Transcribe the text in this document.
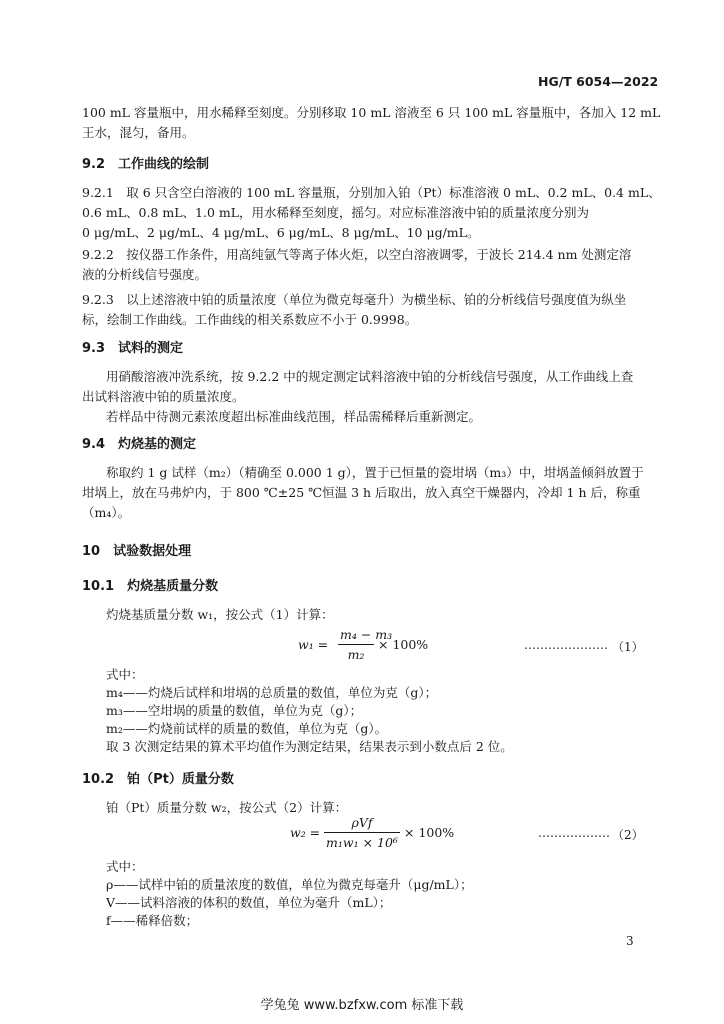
HG/T 6054—2022
100 mL 容量瓶中，用水稀释至刻度。分别移取 10 mL 溶液至 6 只 100 mL 容量瓶中，各加入 12 mL
王水，混匀，备用。
9.2　工作曲线的绘制
9.2.1　取 6 只含空白溶液的 100 mL 容量瓶，分别加入铂（Pt）标准溶液 0 mL、0.2 mL、0.4 mL、
0.6 mL、0.8 mL、1.0 mL，用水稀释至刻度，摇匀。对应标准溶液中铂的质量浓度分别为
0 μg/mL、2 μg/mL、4 μg/mL、6 μg/mL、8 μg/mL、10 μg/mL。
9.2.2　按仪器工作条件，用高纯氩气等离子体火炬，以空白溶液调零，于波长 214.4 nm 处测定溶
液的分析线信号强度。
9.2.3　以上述溶液中铂的质量浓度（单位为微克每毫升）为横坐标、铂的分析线信号强度值为纵坐
标，绘制工作曲线。工作曲线的相关系数应不小于 0.9998。
9.3　试料的测定
用硝酸溶液冲洗系统，按 9.2.2 中的规定测定试料溶液中铂的分析线信号强度，从工作曲线上查
出试料溶液中铂的质量浓度。
若样品中待测元素浓度超出标准曲线范围，样品需稀释后重新测定。
9.4　灼烧基的测定
称取约 1 g 试样（m₂）（精确至 0.000 1 g），置于已恒量的瓷坩埚（m₃）中，坩埚盖倾斜放置于
坩埚上，放在马弗炉内，于 800 ℃±25 ℃恒温 3 h 后取出，放入真空干燥器内，冷却 1 h 后，称重
（m₄）。
10　试验数据处理
10.1　灼烧基质量分数
灼烧基质量分数 w₁，按公式（1）计算：
w₁ =
m₄ − m₃
m₂
× 100%	………………… （1）
式中：
m₄——灼烧后试样和坩埚的总质量的数值，单位为克（g）；
m₃——空坩埚的质量的数值，单位为克（g）；
m₂——灼烧前试样的质量的数值，单位为克（g）。
取 3 次测定结果的算术平均值作为测定结果，结果表示到小数点后 2 位。
10.2　铂（Pt）质量分数
铂（Pt）质量分数 w₂，按公式（2）计算：
w₂ =
ρVf
m₁w₁ × 10⁶
× 100%	……………… （2）
式中：
ρ——试样中铂的质量浓度的数值，单位为微克每毫升（μg/mL）；
V——试料溶液的体积的数值，单位为毫升（mL）；
f——稀释倍数；
3
学兔兔 www.bzfxw.com 标准下载
